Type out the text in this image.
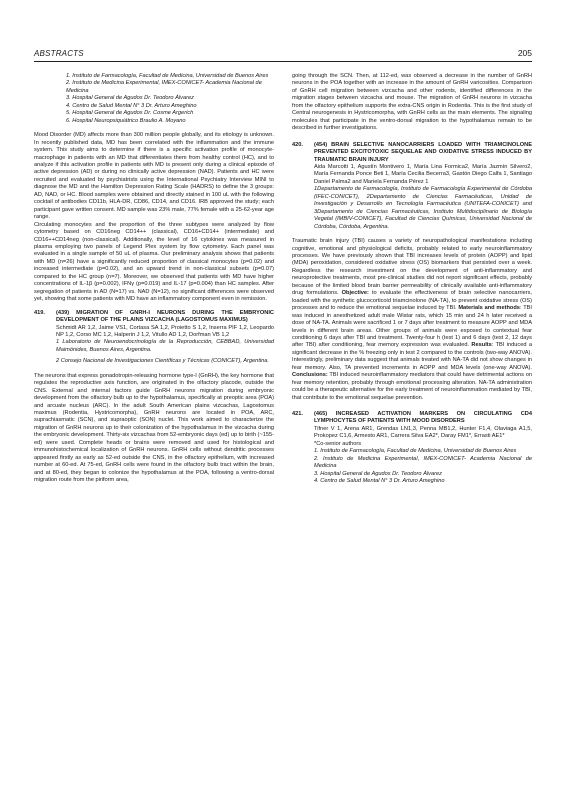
ABSTRACTS	205

1. Instituto de Farmacología, Facultad de Medicina, Universidad de Buenos Aires

2. Instituto de Medicina Experimental, IMEX-CONICET- Academia Nacional de Medicina

3. Hospital General de Agudos Dr. Teodoro Álvarez

4. Centro de Salud Mental N° 3 Dr. Arturo Ameghino

5. Hospital General de Agudos Dr. Cosme Argerich

6. Hospital Neuropsiquiátrico Braulio A. Moyano

Mood Disorder (MD) affects more than 300 million people globally, and its etiology is unknown. In recently published data, MD has been correlated with the inflammation and the immune system. This study aims to determine if there is a specific activation profile of monocyte-macrophage in patients with an MD that differentiates them from healthy control (HC), and to analyze if this activation profile in patients with MD is present only during a clinical episode of active depression (AD) or during no clinically active depression (NAD). Patients and HC were recruited and evaluated by psychiatrists using the International Psychiatry Interview MINI to diagnose the MD and the Hamilton Depression Rating Scale (HADRS) to define the 3 groups: AD, NAD, or HC. Blood samples were obtained and directly stained in 100 uL with the following cocktail of antibodies CD11b, HLA-DR, CD86, CD14, and CD16. IRB approved the study; each participant gave written consent. MD sample was 23% male, 77% female with a 25-62-year age range.

Circulating monocytes and the proportion of the three subtypes were analyzed by flow cytometry based on CD16neg CD14++ (classical), CD16+CD14+ (intermediate) and CD16++CD14neg (non-classical). Additionally, the level of 16 cytokines was measured in plasma employing two panels of Legend Plex system by flow cytometry. Each panel was evaluated in a single sample of 50 uL of plasma. Our preliminary analysis shows that patients with MD (n=26) have a significantly reduced proportion of classical monocytes (p=0.02) and increased intermediate (p=0.02), and an upward trend in non-classical subsets (p=0.07) compared to the HC group (n=7). Moreover, we observed that patients with MD have higher concentrations of IL-1β (p=0.002), IFNγ (p=0.019) and IL-17 (p=0.004) than HC samples. After segregation of patients in AD (N=17) vs. NAD (N=12), no significant differences were observed yet, showing that some patients with MD have an inflammatory component even in remission.

419.	(439) MIGRATION OF GNRH-I NEURONS DURING THE EMBRYONIC DEVELOPMENT OF THE PLAINS VIZCACHA (LAGOSTOMUS MAXIMUS)

Schmidt AR 1,2, Jaime VS1, Cortasa SA 1,2, Proietto S 1,2, Inserra PIF 1,2, Leopardo NP 1,2, Corso MC 1,2, Halperin J 1,2, Vitullo AD 1,2, Dorfman VB 1,2

1 Laboratorio de Neuroendocrinología de la Reproducción, CEBBAD, Universidad Maimónides, Buenos Aires, Argentina.

2 Consejo Nacional de Investigaciones Científicas y Técnicas (CONICET), Argentina.

The neurons that express gonadotropin-releasing hormone type-I (GnRH), the key hormone that regulates the reproductive axis function, are originated in the olfactory placode, outside the CNS. External and internal factors guide GnRH neurons migration during embryonic development from the olfactory bulb up to the hypothalamus, specifically at preoptic area (POA) and arcuate nucleus (ARC). In the adult South American plains vizcachas, Lagostomus maximus (Rodentia, Hystricomorpha), GnRH neurons are located in POA, ARC, suprachiasmatic (SCN), and supraoptic (SON) nuclei. This work aimed to characterize the migration of GnRH neurons up to their colonization of the hypothalamus in the vizcacha during the embryonic development. Thirty-six vizcachas from 52-embryonic days (ed) up to birth (~155-ed) were used. Complete heads or brains were removed and used for histological and immunohistochemical localization of GnRH neurons. GnRH cells without dendritic processes appeared firstly as early as 52-ed outside the CNS, in the olfactory epithelium, with increased number at 60-ed. At 75-ed, GnRH cells were found in the olfactory bulb tract within the brain, and at 80-ed, they began to colonize the hypothalamus at the POA, following a ventro-dorsal migration route from the piriform area,

going through the SCN. Then, at 112-ed, was observed a decrease in the number of GnRH neurons in the POA together with an increase in the amount of GnRH varicosities. Comparison of GnRH cell migration between vizcacha and other rodents, identified differences in the migration stages between vizcacha and mouse. The migration of GnRH neurons in vizcacha from the olfactory epithelium supports the extra-CNS origin in Rodentia. This is the first study of Central neurogenesis in Hystricomorpha, with GnRH cells as the main elements. The signaling molecules that participate in the ventro-dorsal migration to the hypothalamus remain to be described in further investigations.

420.	(454) BRAIN SELECTIVE NANOCARRIERS LOADED WITH TRIAMCINOLONE PREVENTED EXCITOTOXIC SEQUELAE AND OXIDATIVE STRESS INDUCED BY TRAUMATIC BRAIN INJURY

Aida Marcotti 1, Agustín Montivero 1, María Lina Formica2, María Jazmín Silvero2, María Fernanda Ponce Beti 1, María Cecilia Becerra3, Gastón Diego Calfa 1, Santiago Daniel Palma2 and Mariela Fernanda Pérez 1

1Departamento de Farmacología, Instituto de Farmacología Experimental de Córdoba (IFEC-CONICET), 2Departamento de Ciencias Farmacéuticas, Unidad de Investigación y Desarrollo en Tecnología Farmacéutica (UNITEFA-CONICET) and 3Departamento de Ciencias Farmacéuticas, Instituto Multidisciplinario de Biología Vegetal (IMBIV-CONICET), Facultad de Ciencias Químicas, Universidad Nacional de Córdoba, Córdoba, Argentina.

Traumatic brain injury (TBI) causes a variety of neuropathological manifestations including cognitive, emotional and physiological deficits, probably related to early neuroinflammatory processes. We have previously shown that TBI increases levels of protein (AOPP) and lipid (MDA) peroxidation, considered oxidative stress (OS) biomarkers that persisted over a week. Regardless the research investment on the development of anti-inflammatory and neuroprotective treatments, most pre-clinical studies did not report significant effects, probably because of the limited blood brain barrier permeability of clinically available anti-inflammatory drug formulations. Objective: to evaluate the effectiveness of brain selective nanocarriers, loaded with the synthetic glucocorticoid triamcinolone (NA-TA), to prevent oxidative stress (OS) processes and to reduce the emotional sequelae induced by TBI. Materials and methods: TBI was induced in anesthetized adult male Wistar rats, which 15 min and 24 h later received a dose of NA-TA. Animals were sacrificed 1 or 7 days after treatment to measure AOPP and MDA levels in different brain areas. Other groups of animals were exposed to contextual fear conditioning 6 days after TBI and treatment. Twenty-four h (test 1) and 6 days (test 2, 12 days after TBI) after conditioning, fear memory expression was evaluated. Results: TBI induced a significant decrease in the % freezing only in test 2 compared to the controls (two-way ANOVA). Interestingly, preliminary data suggest that animals treated with NA-TA did not show changes in fear memory. Also, TA prevented increments in AOPP and MDA levels (one-way ANOVA). Conclusions: TBI induced neuroinflammatory mediators that could have detrimental actions on fear memory retention, probably through emotional processing alteration. NA-TA administration could be a therapeutic alternative for the early treatment of neuroinflammation mediated by TBI, that contribute to the emotional sequelae prevention.

421.	(465) INCREASED ACTIVATION MARKERS ON CIRCULATING CD4 LYMPHOCYTES OF PATIENTS WITH MOOD DISORDERS

Tifner V 1, Arena AR1, Grendas LN1,3, Penna MB1,2, Hunter F1,4, Olaviaga A1,5, Prokopez C1,6, Armesto AR1, Carrera Silva EA2*, Daray FM1*, Errasti AE1*

*Co-senior authors

1. Instituto de Farmacología, Facultad de Medicina, Universidad de Buenos Aires

2. Instituto de Medicina Experimental, IMEX-CONICET- Academia Nacional de Medicina

3. Hospital General de Agudos Dr. Teodoro Álvarez

4. Centro de Salud Mental N° 3 Dr. Arturo Ameghino
